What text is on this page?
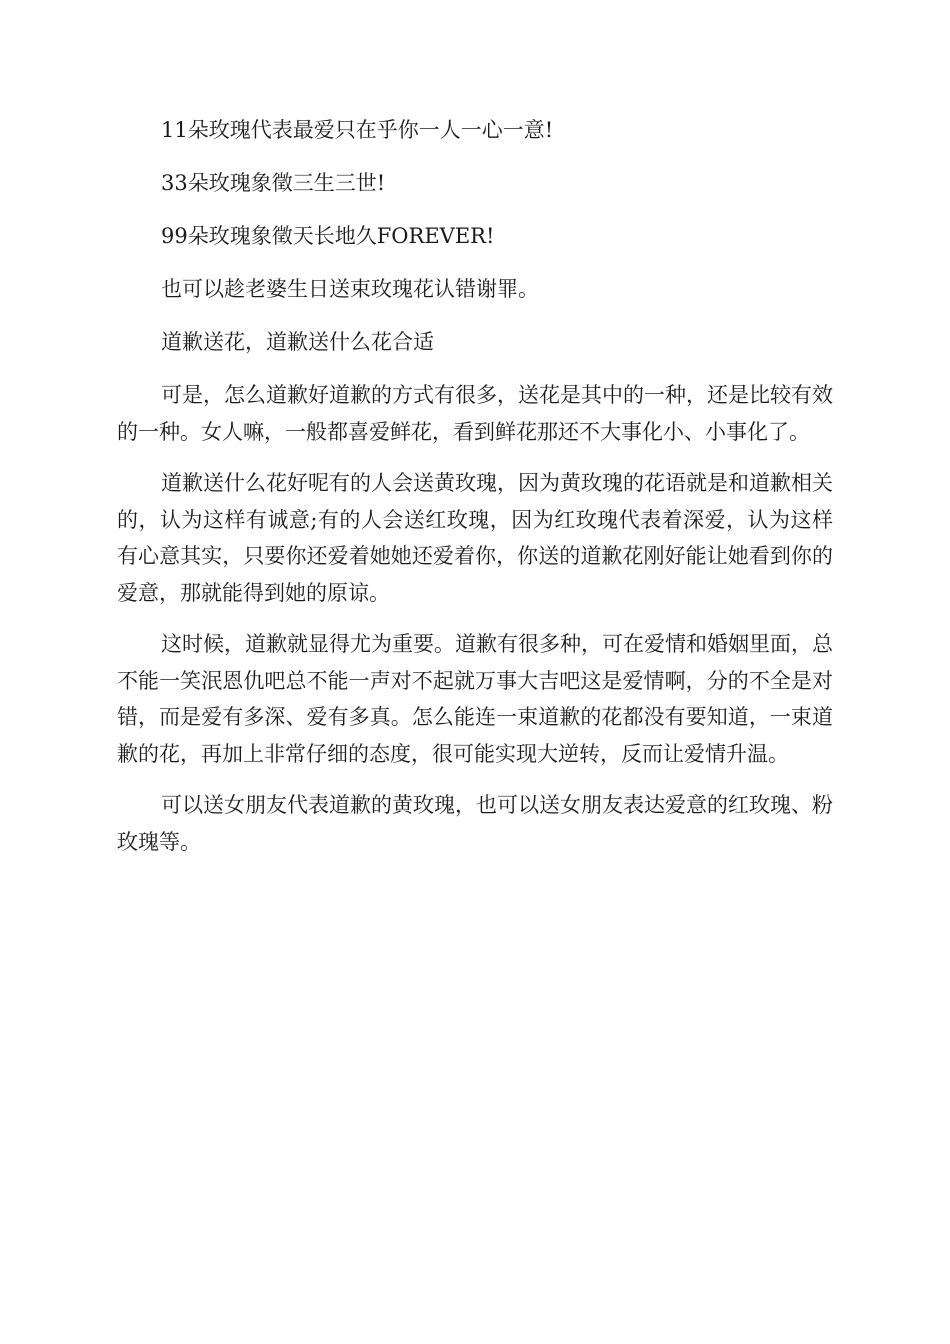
11朵玫瑰代表最爱只在乎你一人一心一意!

33朵玫瑰象徵三生三世!

99朵玫瑰象徵天长地久FOREVER!

也可以趁老婆生日送束玫瑰花认错谢罪。

道歉送花，道歉送什么花合适

可是，怎么道歉好道歉的方式有很多，送花是其中的一种，还是比较有效的一种。女人嘛，一般都喜爱鲜花，看到鲜花那还不大事化小、小事化了。

道歉送什么花好呢有的人会送黄玫瑰，因为黄玫瑰的花语就是和道歉相关的，认为这样有诚意;有的人会送红玫瑰，因为红玫瑰代表着深爱，认为这样有心意其实，只要你还爱着她她还爱着你，你送的道歉花刚好能让她看到你的爱意，那就能得到她的原谅。

这时候，道歉就显得尤为重要。道歉有很多种，可在爱情和婚姻里面，总不能一笑泯恩仇吧总不能一声对不起就万事大吉吧这是爱情啊，分的不全是对错，而是爱有多深、爱有多真。怎么能连一束道歉的花都没有要知道，一束道歉的花，再加上非常仔细的态度，很可能实现大逆转，反而让爱情升温。

可以送女朋友代表道歉的黄玫瑰，也可以送女朋友表达爱意的红玫瑰、粉玫瑰等。
